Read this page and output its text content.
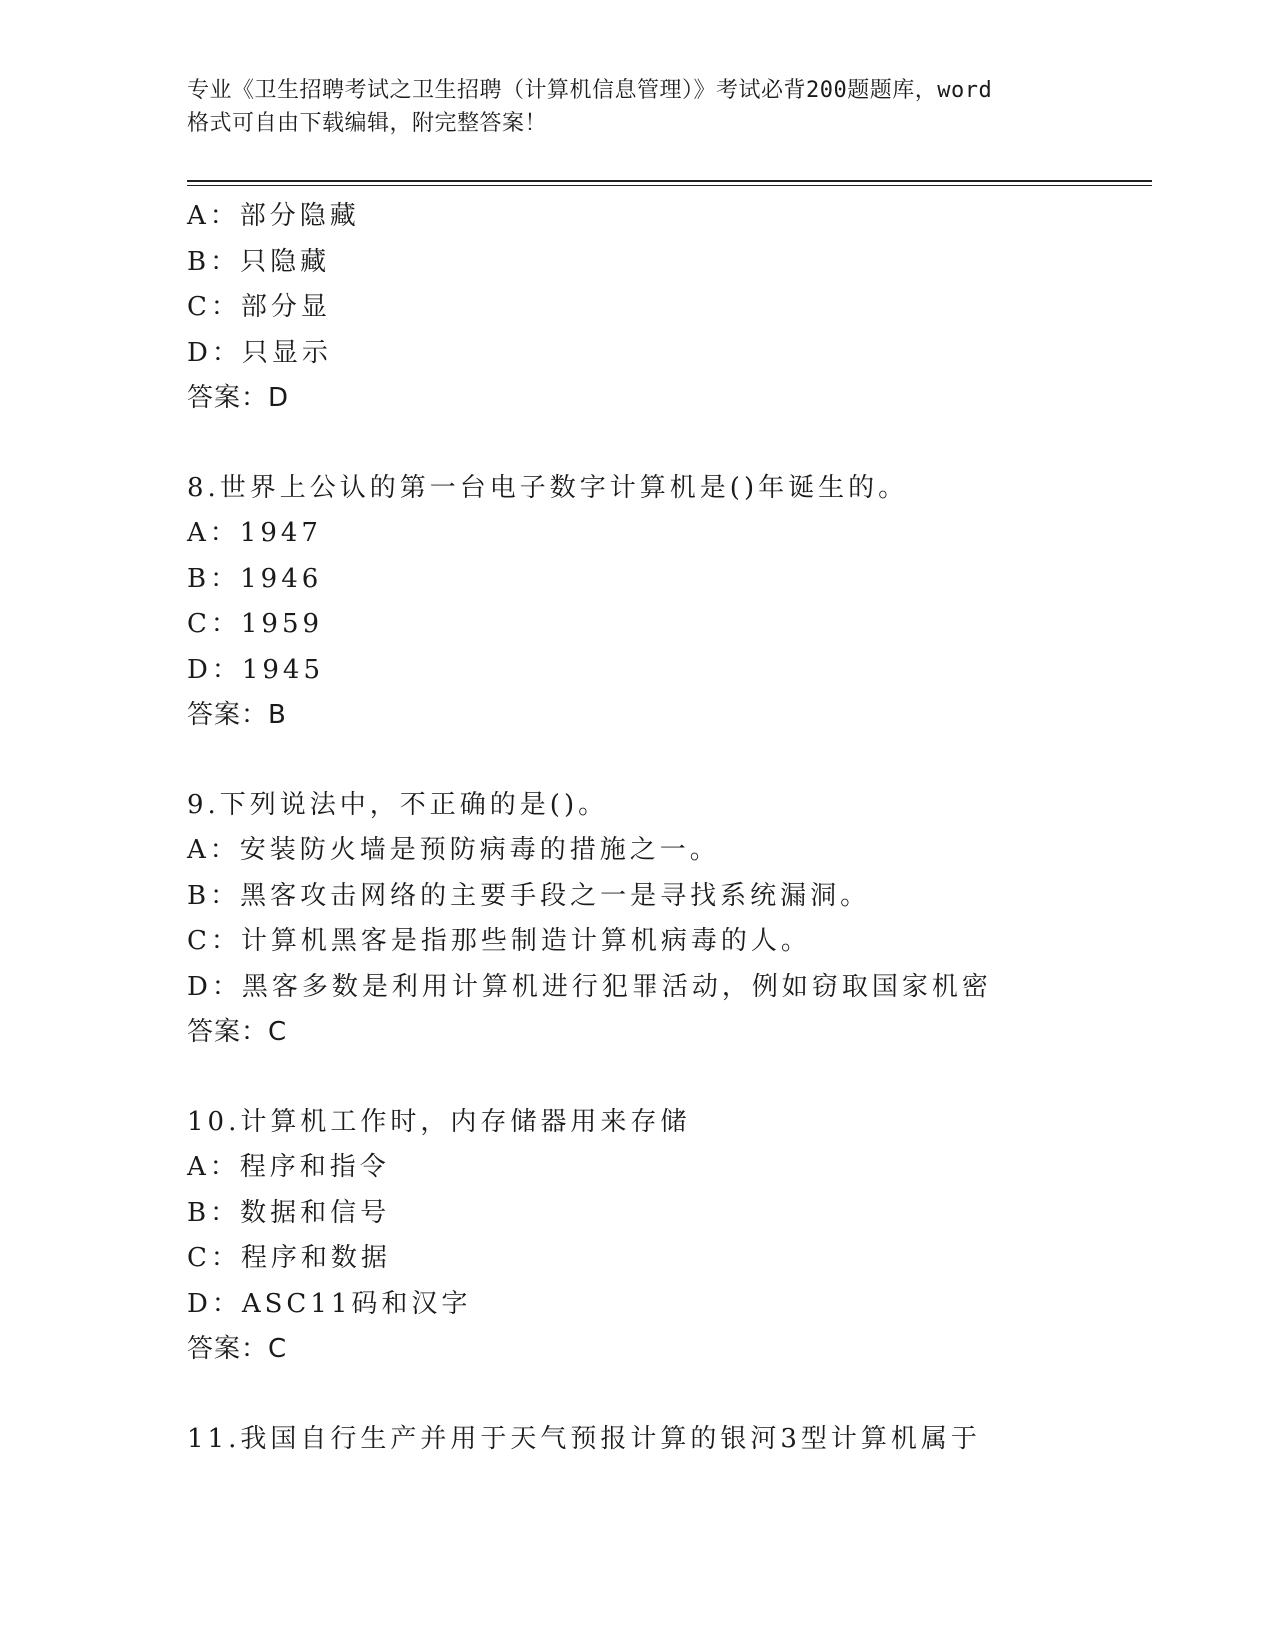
专业《卫生招聘考试之卫生招聘（计算机信息管理）》考试必背200题题库，word
格式可自由下载编辑，附完整答案！
A：部分隐藏
B：只隐藏
C：部分显
D：只显示
答案：D
8.世界上公认的第一台电子数字计算机是()年诞生的。
A：1947
B：1946
C：1959
D：1945
答案：B
9.下列说法中，不正确的是()。
A：安装防火墙是预防病毒的措施之一。
B：黑客攻击网络的主要手段之一是寻找系统漏洞。
C：计算机黑客是指那些制造计算机病毒的人。
D：黑客多数是利用计算机进行犯罪活动，例如窃取国家机密
答案：C
10.计算机工作时，内存储器用来存储
A：程序和指令
B：数据和信号
C：程序和数据
D：ASC11码和汉字
答案：C
11.我国自行生产并用于天气预报计算的银河3型计算机属于
